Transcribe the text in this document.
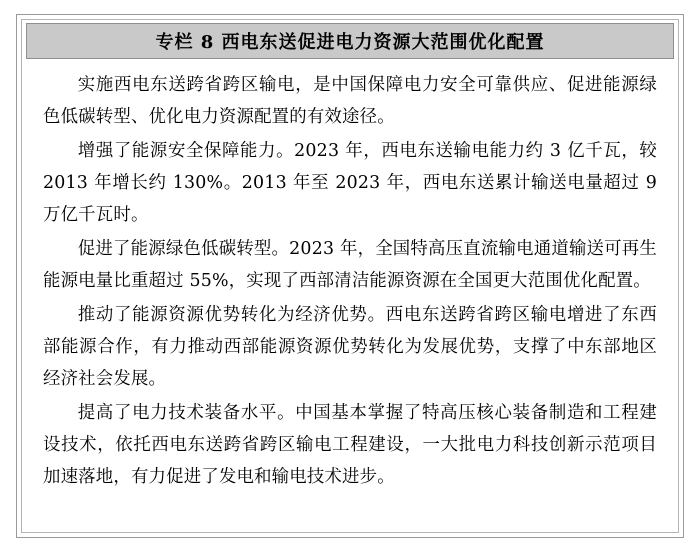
专栏 8 西电东送促进电力资源大范围优化配置

实施西电东送跨省跨区输电，是中国保障电力安全可靠供应、促进能源绿色低碳转型、优化电力资源配置的有效途径。

增强了能源安全保障能力。2023 年，西电东送输电能力约 3 亿千瓦，较 2013 年增长约 130%。2013 年至 2023 年，西电东送累计输送电量超过 9 万亿千瓦时。

促进了能源绿色低碳转型。2023 年，全国特高压直流输电通道输送可再生能源电量比重超过 55%，实现了西部清洁能源资源在全国更大范围优化配置。

推动了能源资源优势转化为经济优势。西电东送跨省跨区输电增进了东西部能源合作，有力推动西部能源资源优势转化为发展优势，支撑了中东部地区经济社会发展。

提高了电力技术装备水平。中国基本掌握了特高压核心装备制造和工程建设技术，依托西电东送跨省跨区输电工程建设，一大批电力科技创新示范项目加速落地，有力促进了发电和输电技术进步。
